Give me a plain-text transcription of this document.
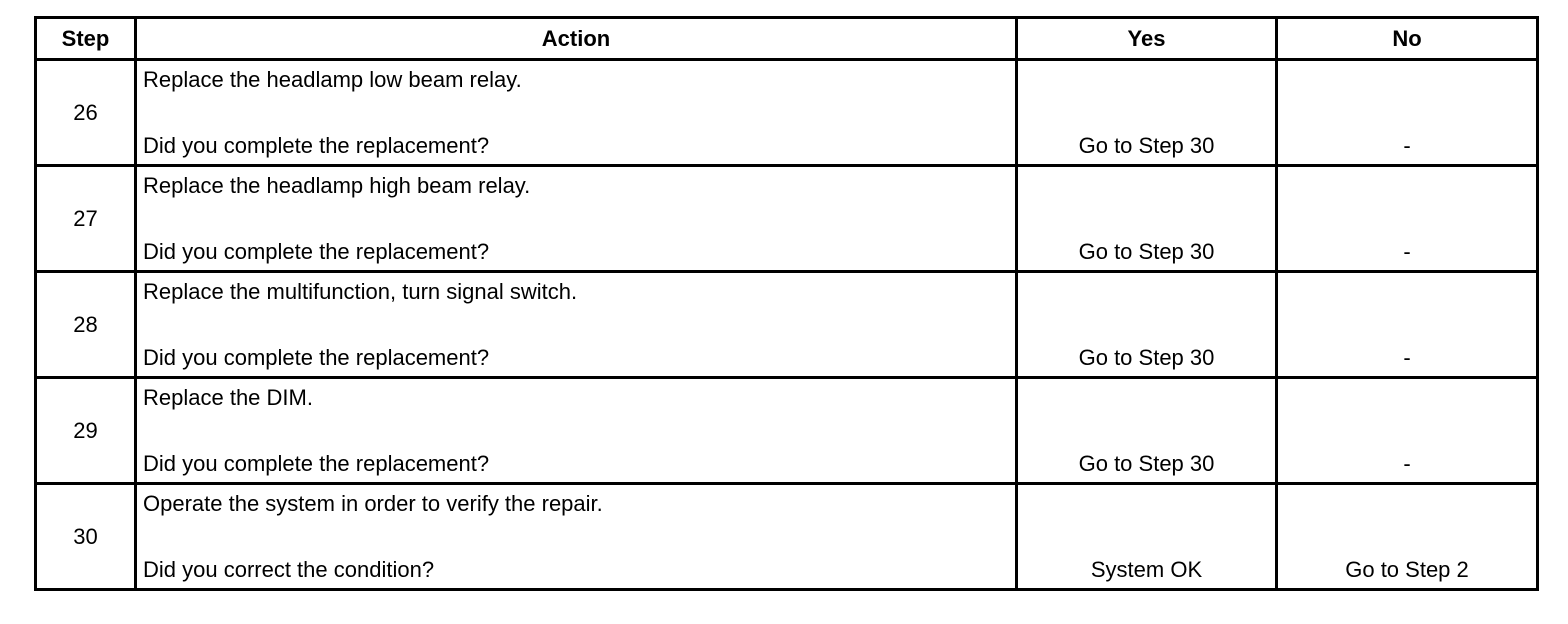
Step	Action	Yes	No
26	Replace the headlamp low beam relay.
Did you complete the replacement?	Go to Step 30	-

27	Replace the headlamp high beam relay.
Did you complete the replacement?	Go to Step 30	-

28	Replace the multifunction, turn signal switch.
Did you complete the replacement?	Go to Step 30	-

29	Replace the DIM.
Did you complete the replacement?	Go to Step 30	-

30	Operate the system in order to verify the repair.
Did you correct the condition?	System OK	Go to Step 2
